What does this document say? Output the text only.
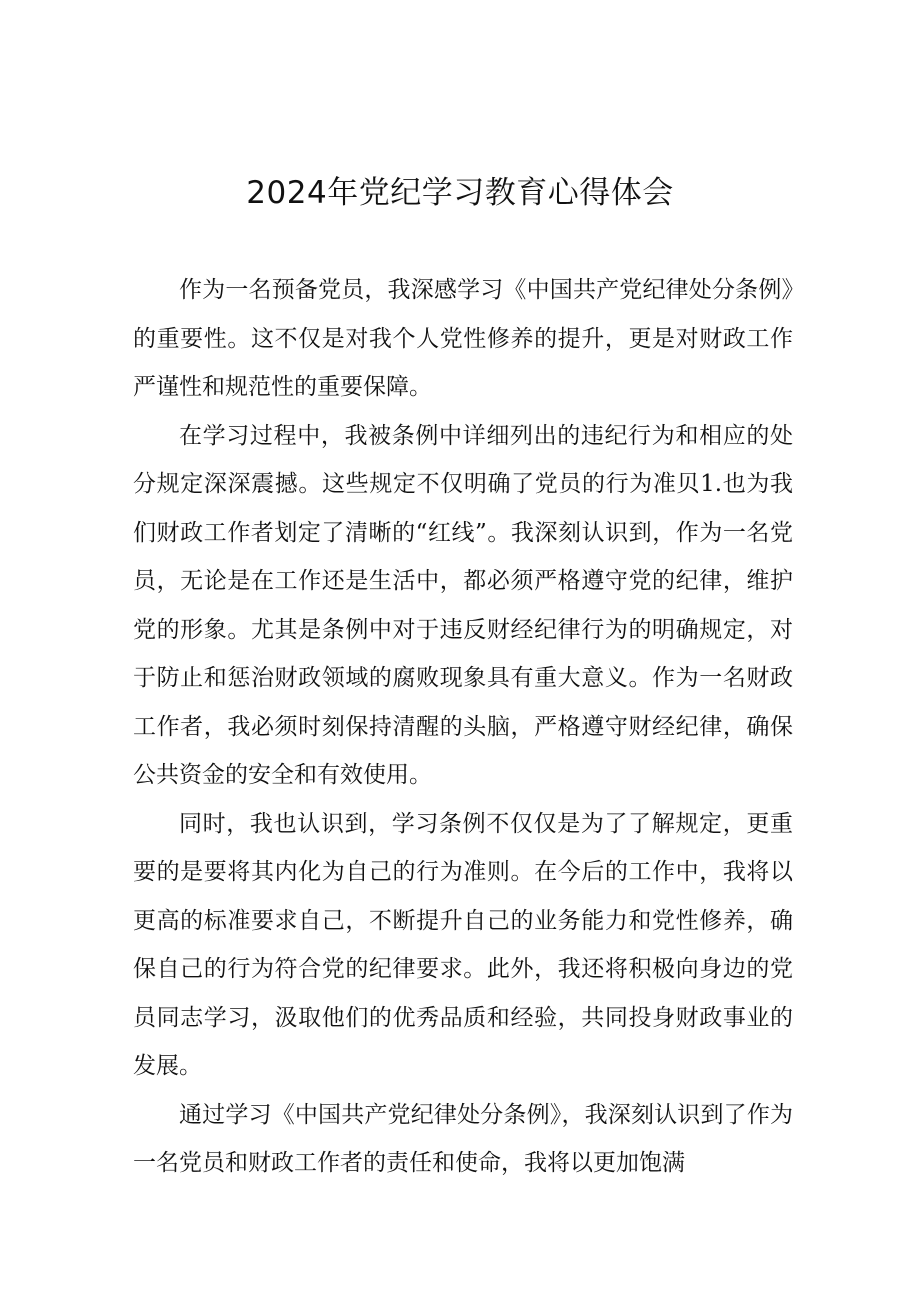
2024年党纪学习教育心得体会

作为一名预备党员，我深感学习《中国共产党纪律处分条例》的重要性。这不仅是对我个人党性修养的提升，更是对财政工作严谨性和规范性的重要保障。

在学习过程中，我被条例中详细列出的违纪行为和相应的处分规定深深震撼。这些规定不仅明确了党员的行为准贝1.也为我们财政工作者划定了清晰的“红线”。我深刻认识到，作为一名党员，无论是在工作还是生活中，都必须严格遵守党的纪律，维护党的形象。尤其是条例中对于违反财经纪律行为的明确规定，对于防止和惩治财政领域的腐败现象具有重大意义。作为一名财政工作者，我必须时刻保持清醒的头脑，严格遵守财经纪律，确保公共资金的安全和有效使用。

同时，我也认识到，学习条例不仅仅是为了了解规定，更重要的是要将其内化为自己的行为准则。在今后的工作中，我将以更高的标准要求自己，不断提升自己的业务能力和党性修养，确保自己的行为符合党的纪律要求。此外，我还将积极向身边的党员同志学习，汲取他们的优秀品质和经验，共同投身财政事业的发展。

通过学习《中国共产党纪律处分条例》，我深刻认识到了作为一名党员和财政工作者的责任和使命，我将以更加饱满
